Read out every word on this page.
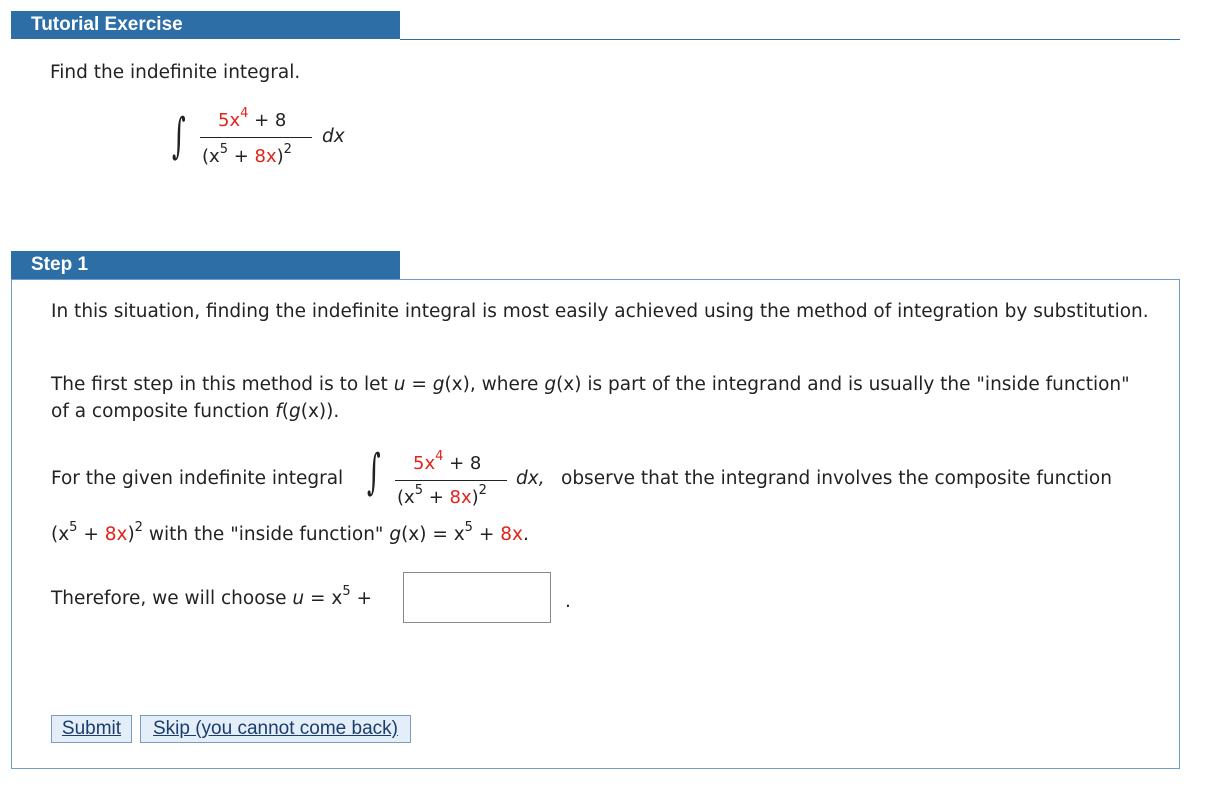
Tutorial Exercise
Find the indefinite integral.
∫ $5x^4 + 8$
$(x^5 + 8x)^2$
dx
Step 1
In this situation, finding the indefinite integral is most easily achieved using the method of integration by substitution.
The first step in this method is to let u = g(x), where g(x) is part of the integrand and is usually the "inside function" of a composite function f(g(x)).
For the given indefinite integral ∫ $5x^4 + 8$
$(x^5 + 8x)^2$
dx, observe that the integrand involves the composite function
$(x^5 + 8x)^2$ with the "inside function" $g(x) = x^5 + 8x$.
Therefore, we will choose $u = x^5$ +	.
Submit	Skip (you cannot come back)
